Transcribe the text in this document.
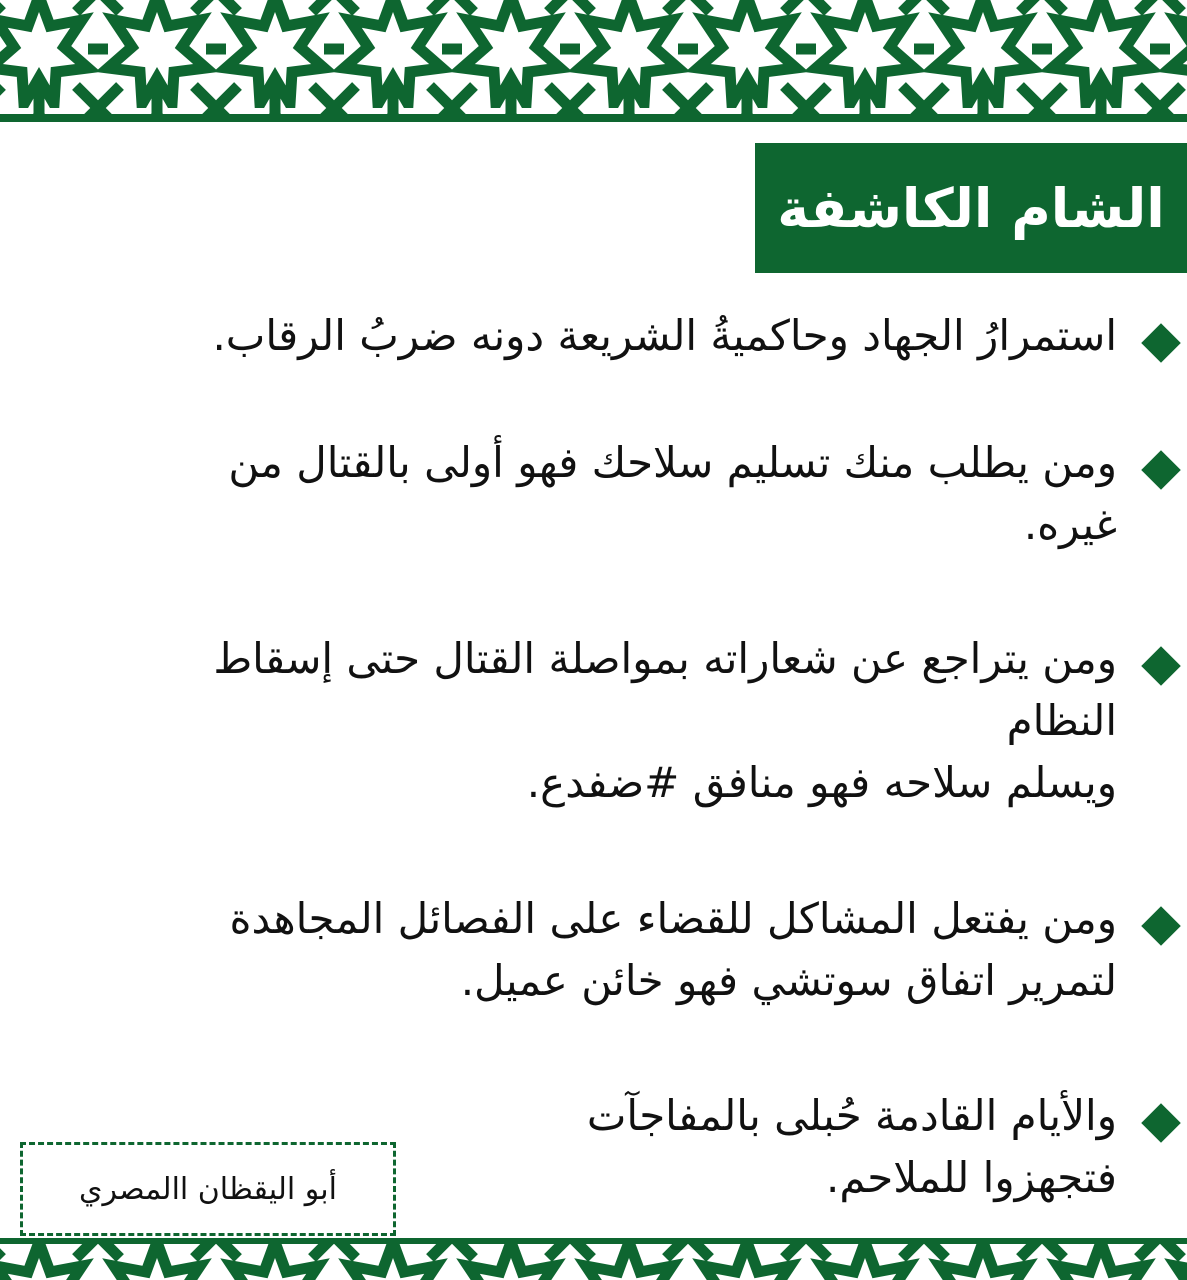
الشام الكاشفة
استمرارُ الجهاد وحاكميةُ الشريعة دونه ضربُ الرقاب.
ومن يطلب منك تسليم سلاحك فهو أولى بالقتال من
غيره.
ومن يتراجع عن شعاراته بمواصلة القتال حتى إسقاط
النظام
ويسلم سلاحه فهو منافق #ضفدع.
ومن يفتعل المشاكل للقضاء على الفصائل المجاهدة
لتمرير اتفاق سوتشي فهو خائن عميل.
والأيام القادمة حُبلى بالمفاجآت
فتجهزوا للملاحم.
أبو اليقظان االمصري
